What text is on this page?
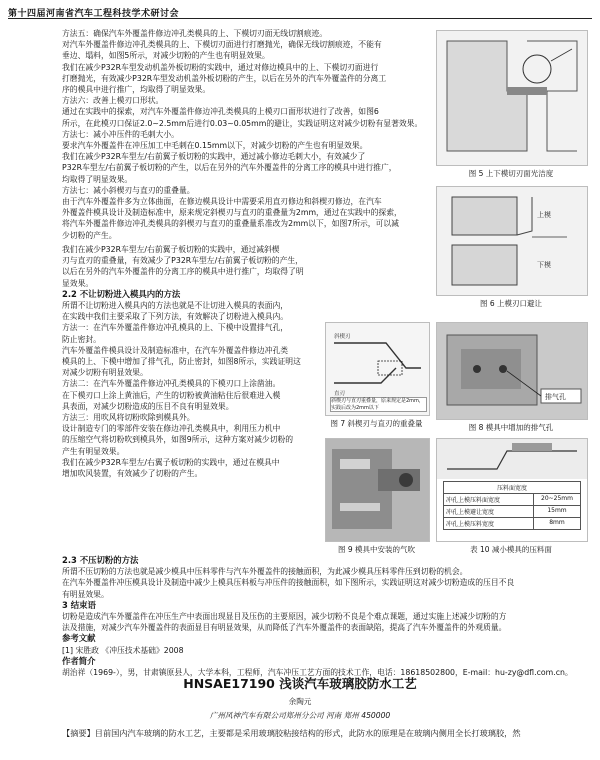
第十四届河南省汽车工程科技学术研讨会
方法五：确保汽车外覆盖件修边冲孔类模具的上、下模切刃面无线切割痕迹。
对汽车外覆盖件修边冲孔类模具的上、下模切刃面进行打磨抛光，确保无线切割痕迹，不能有
垂边、塌料，如图5所示，对减少切粉的产生也有明显效果。
我们在减少P32R车型发动机盖外板切粉的实践中，通过对修边模具中的上、下模切刃面进行
打磨抛光，有效减少P32R车型发动机盖外板切粉的产生，以后在另外的汽车外覆盖件的分离工
序的模具中进行推广，均取得了明显效果。
方法六：改善上模刃口形状。
通过在实践中的探索，对汽车外覆盖件修边冲孔类模具的上模刃口面形状进行了改善，如图6
所示，在此模刃口保证2.0~2.5mm后进行0.03~0.05mm的避让，实践证明这对减少切粉有显著效果。
方法七：减小冲压件的毛刺大小。
要求汽车外覆盖件在冲压加工中毛刺在0.15mm以下，对减少切粉的产生也有明显效果。
我们在减少P32R车型左/右前翼子板切粉的实践中，通过减小修边毛刺大小，有效减少了
P32R车型左/右前翼子板切粉的产生，以后在另外的汽车外覆盖件的分离工序的模具中进行推广，
均取得了明显效果。
方法七：减小斜楔刃与直刃的重叠量。
由于汽车外覆盖件多为立体曲面，在修边模具设计中需要采用直刃修边和斜楔刃修边，在汽车
外覆盖件模具设计及制造标准中，原来规定斜楔刃与直刃的重叠量为2mm，通过在实践中的探索，
将汽车外覆盖件修边冲孔类模具的斜楔刃与直刃的重叠量系准改为2mm以下，如图7所示，可以减
少切粉的产生。
我们在减少P32R车型左/右前翼子板切粉的实践中，通过减斜楔
刃与直刃的重叠量，有效减少了P32R车型左/右前翼子板切粉的产生，
以后在另外的汽车外覆盖件的分离工序的模具中进行推广，均取得了明
显效果。
2.2 不让切粉进入模具内的方法
所谓不让切粉进入模具内的方法也就是不让切进入模具的表面内，
在实践中我们主要采取了下列方法，有效解决了切粉进入模具内。
方法一：在汽车外覆盖件修边冲孔模具的上、下模中设置排气孔，
防止密封。
汽车外覆盖件模具设计及制造标准中，在汽车外覆盖件修边冲孔类
模具的上、下模中增加了排气孔，防止密封，如图8所示，实践证明这
对减少切粉有明显效果。
方法二：在汽车外覆盖件修边冲孔类模具的下模刃口上涂凿油。
在下模刃口上涂上黄油后，产生的切粉被黄油粘住后很难进入模
具表面，对减少切粉造成的压目不良有明显效果。
方法三：用吹风将切粉吹除到模具外。
设计制造专门的零部件安装在修边冲孔类模具中，利用压力机中
的压缩空气将切粉吹到模具外，如图9所示，这种方案对减少切粉的
产生有明显效果。
我们在减少P32R车型左/右翼子板切粉的实践中，通过在模具中
增加吹风装置，有效减少了切粉的产生。
2.3 不压切粉的方法
所谓不压切粉的方法也就是减少模具中压料零件与汽车外覆盖件的接触面积，为此减少模具压料零件压到切粉的机会。
在汽车外覆盖件冲压模具设计及制造中减少上模具压料板与冲压件的接触面积，如下图所示，实践证明这对减少切粉造成的压目不良
有明显效果。
3 结束语
切粉是造成汽车外覆盖件在冲压生产中表面出现显目及压伤的主要原因，减少切粉不良是个难点课题，通过实施上述减少切粉的方
法及措施，对减少汽车外覆盖件的表面显目有明显效果，从而降低了汽车外覆盖件的表面缺陷，提高了汽车外覆盖件的外观质量。
参考文献
[1] 宋胜政 《冲压技术基础》2008
作者简介
胡治祥（1969-），男，甘肃镇原县人，大学本科，工程师，汽车冲压工艺方面的技术工作，电话：18618502800，E-mail：hu-zy@dfl.com.cn。
图 5 上下模切刃面光洁度
上模
下模
图 6 上模刃口避让
斜楔刃
直刃
斜楔刃与直刃重叠量，原来规定是2mm，实践后改为2mm以下
图 7 斜楔刃与直刃的重叠量
排气孔
图 8 模具中增加的排气孔
图 9 模具中安装的气吹
压料面宽度
冲孔上模压料面宽度	20~25mm
冲孔上模避让宽度	15mm
冲孔上模压料宽度	8mm
表 10 减小模具的压料面
HNSAE17190 浅谈汽车玻璃胶防水工艺
余陶元
广州风神汽车有限公司郑州分公司 河南 郑州 450000
【摘要】目前国内汽车玻璃的防水工艺，主要都是采用玻璃胶粘接结构的形式，此防水的原理是在玻璃内侧用全长打玻璃胶，然
